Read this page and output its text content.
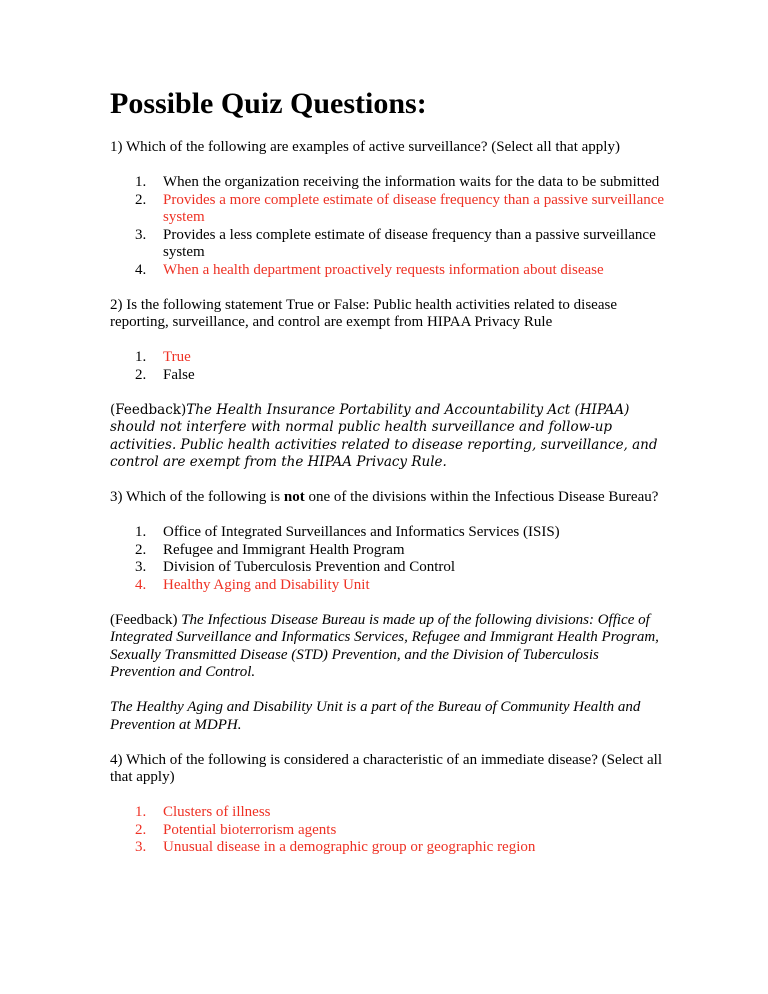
Possible Quiz Questions:

1) Which of the following are examples of active surveillance? (Select all that apply)

1. When the organization receiving the information waits for the data to be submitted
2. Provides a more complete estimate of disease frequency than a passive surveillance system
3. Provides a less complete estimate of disease frequency than a passive surveillance system
4. When a health department proactively requests information about disease

2) Is the following statement True or False: Public health activities related to disease reporting, surveillance, and control are exempt from HIPAA Privacy Rule

1. True
2. False

(Feedback)The Health Insurance Portability and Accountability Act (HIPAA) should not interfere with normal public health surveillance and follow-up activities. Public health activities related to disease reporting, surveillance, and control are exempt from the HIPAA Privacy Rule.

3) Which of the following is not one of the divisions within the Infectious Disease Bureau?

1. Office of Integrated Surveillances and Informatics Services (ISIS)
2. Refugee and Immigrant Health Program
3. Division of Tuberculosis Prevention and Control
4. Healthy Aging and Disability Unit

(Feedback) The Infectious Disease Bureau is made up of the following divisions: Office of Integrated Surveillance and Informatics Services, Refugee and Immigrant Health Program, Sexually Transmitted Disease (STD) Prevention, and the Division of Tuberculosis Prevention and Control.

The Healthy Aging and Disability Unit is a part of the Bureau of Community Health and Prevention at MDPH.

4) Which of the following is considered a characteristic of an immediate disease? (Select all that apply)

1. Clusters of illness
2. Potential bioterrorism agents
3. Unusual disease in a demographic group or geographic region
